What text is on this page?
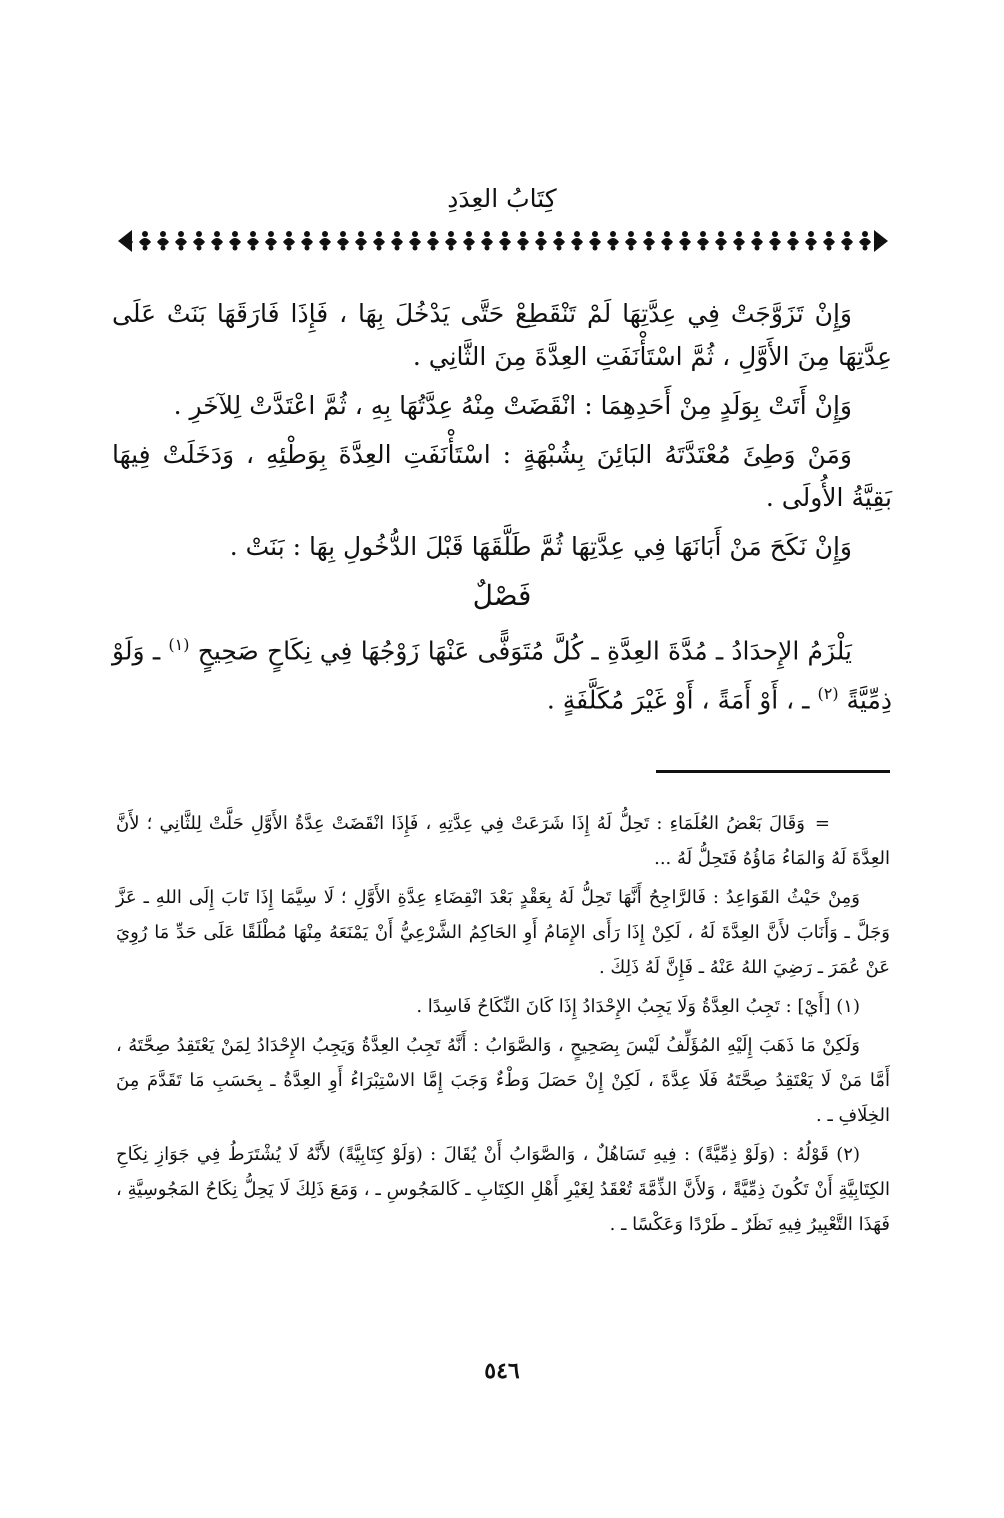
كِتَابُ العِدَدِ

وَإِنْ تَزَوَّجَتْ فِي عِدَّتِهَا لَمْ تَنْقَطِعْ حَتَّى يَدْخُلَ بِهَا ، فَإِذَا فَارَقَهَا بَنَتْ عَلَى عِدَّتِهَا مِنَ الأَوَّلِ ، ثُمَّ اسْتَأْنَفَتِ العِدَّةَ مِنَ الثَّانِي .

وَإِنْ أَتَتْ بِوَلَدٍ مِنْ أَحَدِهِمَا : انْقَضَتْ مِنْهُ عِدَّتُهَا بِهِ ، ثُمَّ اعْتَدَّتْ لِلآخَرِ .

وَمَنْ وَطِئَ مُعْتَدَّتَهُ البَائِنَ بِشُبْهَةٍ : اسْتَأْنَفَتِ العِدَّةَ بِوَطْئِهِ ، وَدَخَلَتْ فِيهَا بَقِيَّةُ الأُولَى .

وَإِنْ نَكَحَ مَنْ أَبَانَهَا فِي عِدَّتِهَا ثُمَّ طَلَّقَهَا قَبْلَ الدُّخُولِ بِهَا : بَنَتْ .

فَصْلٌ

يَلْزَمُ الإِحدَادُ ـ مُدَّةَ العِدَّةِ ـ كُلَّ مُتَوَفًّى عَنْهَا زَوْجُهَا فِي نِكَاحٍ صَحِيحٍ $^{(١)}$ ـ وَلَوْ ذِمِّيَّةً $^{(٢)}$ ـ ، أَوْ أَمَةً ، أَوْ غَيْرَ مُكَلَّفَةٍ .

=وَقَالَ بَعْضُ العُلَمَاءِ : تَحِلُّ لَهُ إِذَا شَرَعَتْ فِي عِدَّتِهِ ، فَإِذَا انْقَضَتْ عِدَّةُ الأَوَّلِ حَلَّتْ لِلثَّانِي ؛ لأَنَّ العِدَّةَ لَهُ وَالمَاءُ مَاؤُهُ فَتَحِلُّ لَهُ ...

وَمِنْ حَيْثُ القَوَاعِدُ : فَالرَّاجِحُ أَنَّهَا تَحِلُّ لَهُ بِعَقْدٍ بَعْدَ انْقِضَاءِ عِدَّةِ الأَوَّلِ ؛ لَا سِيَّمَا إِذَا تَابَ إِلَى اللهِ ـ عَزَّ وَجَلَّ ـ وَأَنَابَ لأَنَّ العِدَّةَ لَهُ ، لَكِنْ إِذَا رَأَى الإِمَامُ أَوِ الحَاكِمُ الشَّرْعِيُّ أَنْ يَمْنَعَهُ مِنْهَا مُطْلَقًا عَلَى حَدِّ مَا رُوِيَ عَنْ عُمَرَ ـ رَضِيَ اللهُ عَنْهُ ـ فَإِنَّ لَهُ ذَلِكَ .

(١) [أَيْ] : تَجِبُ العِدَّةُ وَلَا يَجِبُ الإِحْدَادُ إِذَا كَانَ النِّكَاحُ فَاسِدًا .

وَلَكِنْ مَا ذَهَبَ إِلَيْهِ المُؤَلِّفُ لَيْسَ بِصَحِيحٍ ، وَالصَّوَابُ : أَنَّهُ تَجِبُ العِدَّةُ وَيَجِبُ الإِحْدَادُ لِمَنْ يَعْتَقِدُ صِحَّتَهُ ، أَمَّا مَنْ لَا يَعْتَقِدُ صِحَّتَهُ فَلَا عِدَّةَ ، لَكِنْ إِنْ حَصَلَ وَطْءٌ وَجَبَ إِمَّا الاسْتِبْرَاءُ أَوِ العِدَّةُ ـ بِحَسَبِ مَا تَقَدَّمَ مِنَ الخِلَافِ ـ .

(٢) قَوْلُهُ : (وَلَوْ ذِمِّيَّةً) : فِيهِ تَسَاهُلٌ ، وَالصَّوَابُ أَنْ يُقَالَ : (وَلَوْ كِتَابِيَّةً) لأَنَّهُ لَا يُشْتَرَطُ فِي جَوَازِ نِكَاحِ الكِتَابِيَّةِ أَنْ تَكُونَ ذِمِّيَّةً ، وَلأَنَّ الذِّمَّةَ تُعْقَدُ لِغَيْرِ أَهْلِ الكِتَابِ ـ كَالمَجُوسِ ـ ، وَمَعَ ذَلِكَ لَا يَحِلُّ نِكَاحُ المَجُوسِيَّةِ ، فَهَذَا التَّعْبِيرُ فِيهِ نَظَرٌ ـ طَرْدًا وَعَكْسًا ـ .

٥٤٦
